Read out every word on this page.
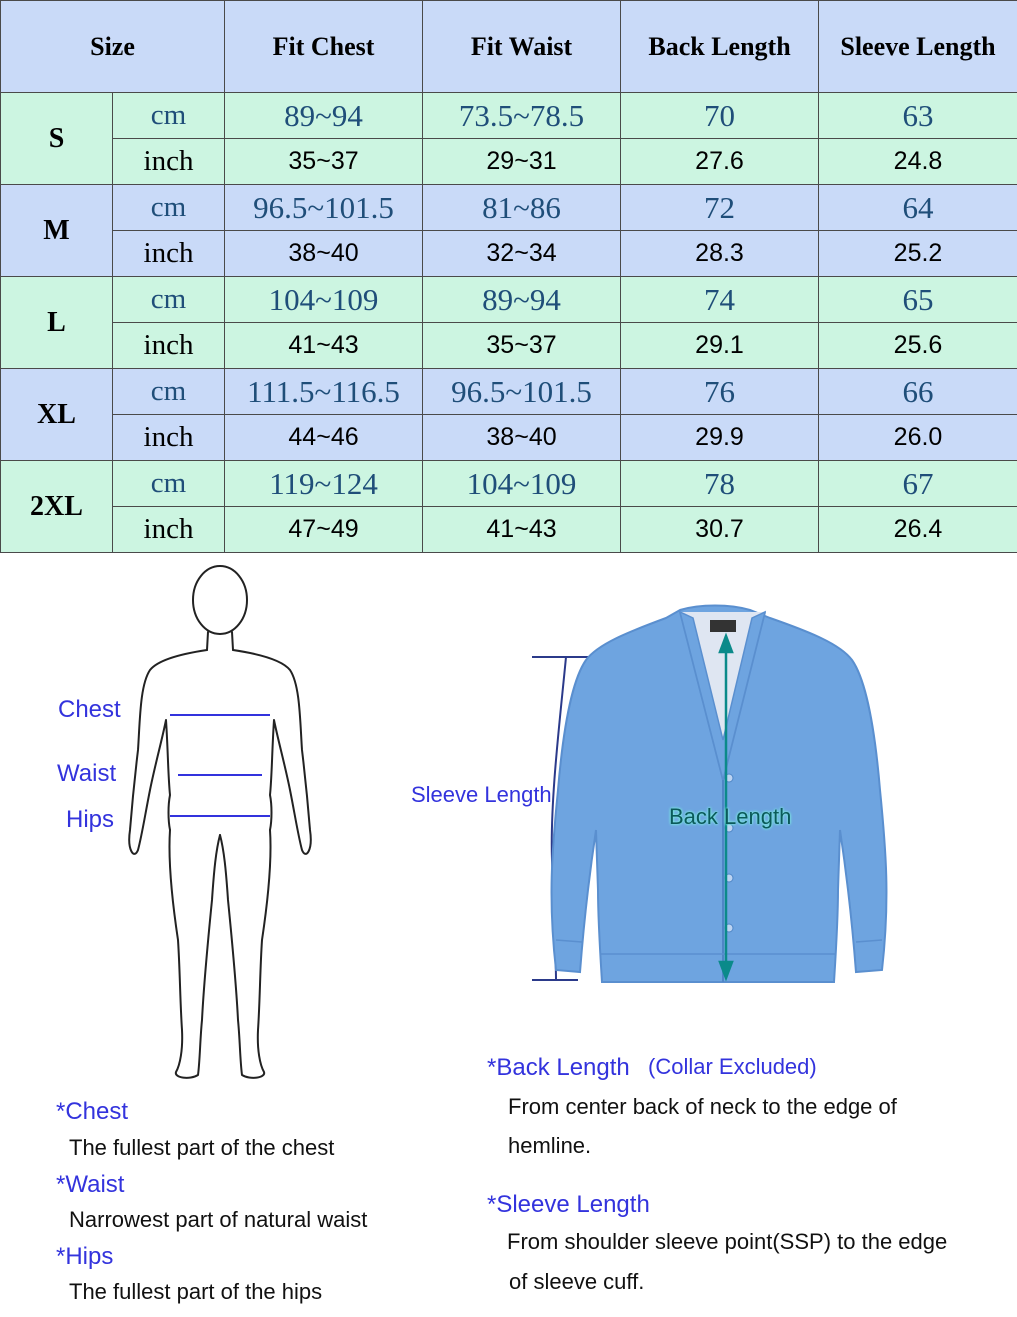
Size		Fit Chest	Fit Waist	Back Length	Sleeve Length
S	cm	89~94	73.5~78.5	70	63
	inch	35~37	29~31	27.6	24.8
M	cm	96.5~101.5	81~86	72	64
	inch	38~40	32~34	28.3	25.2
L	cm	104~109	89~94	74	65
	inch	41~43	35~37	29.1	25.6
XL	cm	111.5~116.5	96.5~101.5	76	66
	inch	44~46	38~40	29.9	26.0
2XL	cm	119~124	104~109	78	67
	inch	47~49	41~43	30.7	26.4
Chest
Waist
Hips
Sleeve Length
Back Length
*Chest
The fullest part of the chest
*Waist
Narrowest part of natural waist
*Hips
The fullest part of the hips
*Back Length (Collar Excluded)
From center back of neck to the edge of
hemline.
*Sleeve Length
From shoulder sleeve point(SSP) to the edge
of sleeve cuff.
